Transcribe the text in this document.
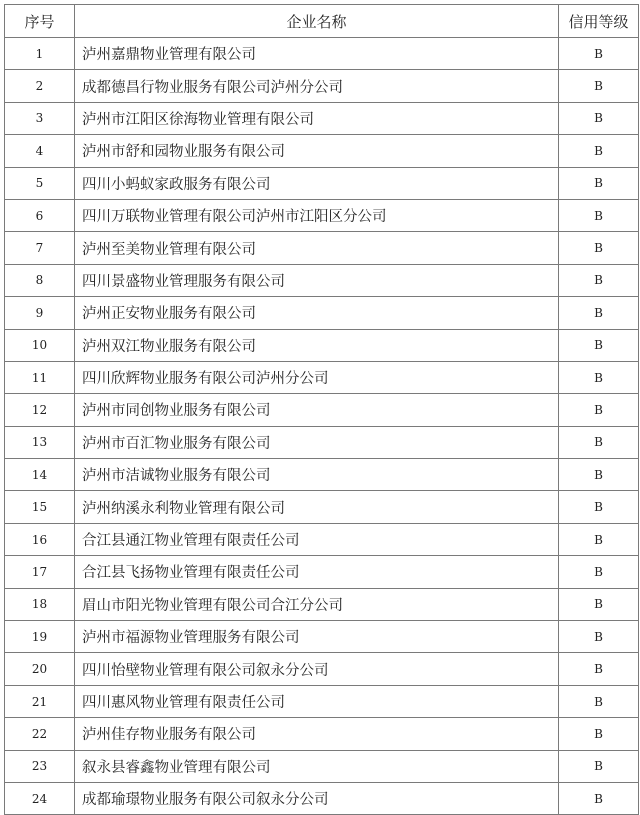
序号	企业名称	信用等级
1	泸州嘉鼎物业管理有限公司	B
2	成都德昌行物业服务有限公司泸州分公司	B
3	泸州市江阳区徐海物业管理有限公司	B
4	泸州市舒和园物业服务有限公司	B
5	四川小蚂蚁家政服务有限公司	B
6	四川万联物业管理有限公司泸州市江阳区分公司	B
7	泸州至美物业管理有限公司	B
8	四川景盛物业管理服务有限公司	B
9	泸州正安物业服务有限公司	B
10	泸州双江物业服务有限公司	B
11	四川欣辉物业服务有限公司泸州分公司	B
12	泸州市同创物业服务有限公司	B
13	泸州市百汇物业服务有限公司	B
14	泸州市洁诚物业服务有限公司	B
15	泸州纳溪永利物业管理有限公司	B
16	合江县通江物业管理有限责任公司	B
17	合江县飞扬物业管理有限责任公司	B
18	眉山市阳光物业管理有限公司合江分公司	B
19	泸州市福源物业管理服务有限公司	B
20	四川怡壁物业管理有限公司叙永分公司	B
21	四川惠风物业管理有限责任公司	B
22	泸州佳存物业服务有限公司	B
23	叙永县睿鑫物业管理有限公司	B
24	成都瑜璟物业服务有限公司叙永分公司	B
